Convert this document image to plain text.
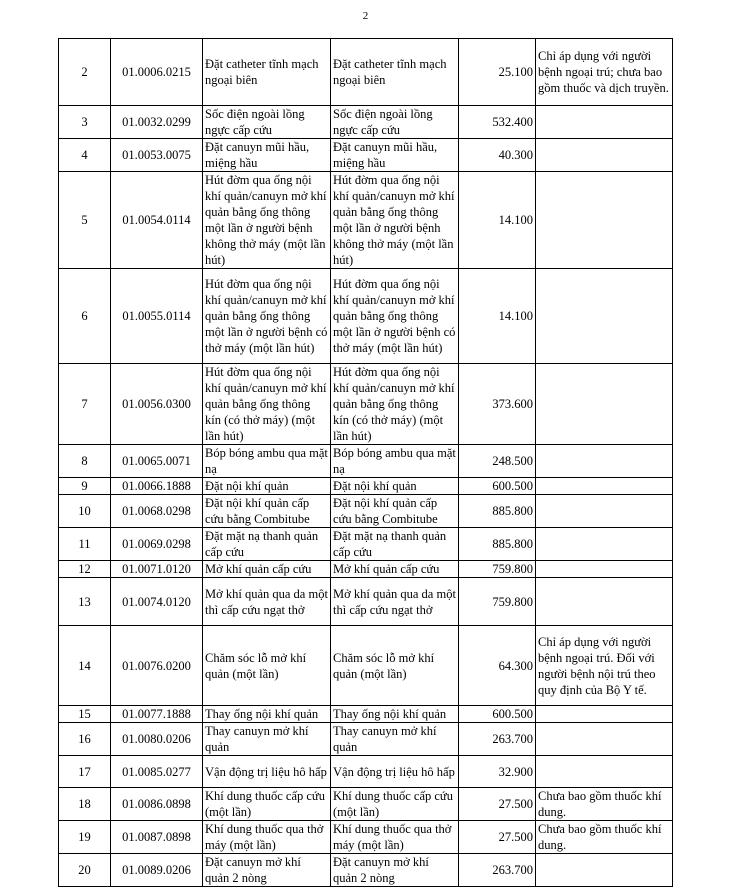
2
2	01.0006.0215	Đặt catheter tĩnh mạch ngoại biên	Đặt catheter tĩnh mạch ngoại biên	25.100	Chỉ áp dụng với người bệnh ngoại trú; chưa bao gồm thuốc và dịch truyền.
3	01.0032.0299	Sốc điện ngoài lồng ngực cấp cứu	Sốc điện ngoài lồng ngực cấp cứu	532.400	
4	01.0053.0075	Đặt canuyn mũi hầu, miệng hầu	Đặt canuyn mũi hầu, miệng hầu	40.300	
5	01.0054.0114	Hút đờm qua ống nội khí quản/canuyn mở khí quản bằng ống thông một lần ở người bệnh không thở máy (một lần hút)	Hút đờm qua ống nội khí quản/canuyn mở khí quản bằng ống thông một lần ở người bệnh không thở máy (một lần hút)	14.100	
6	01.0055.0114	Hút đờm qua ống nội khí quản/canuyn mở khí quản bằng ống thông một lần ở người bệnh có thở máy (một lần hút)	Hút đờm qua ống nội khí quản/canuyn mở khí quản bằng ống thông một lần ở người bệnh có thở máy (một lần hút)	14.100	
7	01.0056.0300	Hút đờm qua ống nội khí quản/canuyn mở khí quản bằng ống thông kín (có thở máy) (một lần hút)	Hút đờm qua ống nội khí quản/canuyn mở khí quản bằng ống thông kín (có thở máy) (một lần hút)	373.600	
8	01.0065.0071	Bóp bóng ambu qua mặt nạ	Bóp bóng ambu qua mặt nạ	248.500	
9	01.0066.1888	Đặt nội khí quản	Đặt nội khí quản	600.500	
10	01.0068.0298	Đặt nội khí quản cấp cứu bằng Combitube	Đặt nội khí quản cấp cứu bằng Combitube	885.800	
11	01.0069.0298	Đặt mặt nạ thanh quản cấp cứu	Đặt mặt nạ thanh quản cấp cứu	885.800	
12	01.0071.0120	Mở khí quản cấp cứu	Mở khí quản cấp cứu	759.800	
13	01.0074.0120	Mở khí quản qua da một thì cấp cứu ngạt thở	Mở khí quản qua da một thì cấp cứu ngạt thở	759.800	
14	01.0076.0200	Chăm sóc lỗ mở khí quản (một lần)	Chăm sóc lỗ mở khí quản (một lần)	64.300	Chỉ áp dụng với người bệnh ngoại trú. Đối với người bệnh nội trú theo quy định của Bộ Y tế.
15	01.0077.1888	Thay ống nội khí quản	Thay ống nội khí quản	600.500	
16	01.0080.0206	Thay canuyn mở khí quản	Thay canuyn mở khí quản	263.700	
17	01.0085.0277	Vận động trị liệu hô hấp	Vận động trị liệu hô hấp	32.900	
18	01.0086.0898	Khí dung thuốc cấp cứu (một lần)	Khí dung thuốc cấp cứu (một lần)	27.500	Chưa bao gồm thuốc khí dung.
19	01.0087.0898	Khí dung thuốc qua thở máy (một lần)	Khí dung thuốc qua thở máy (một lần)	27.500	Chưa bao gồm thuốc khí dung.
20	01.0089.0206	Đặt canuyn mở khí quản 2 nòng	Đặt canuyn mở khí quản 2 nòng	263.700	
